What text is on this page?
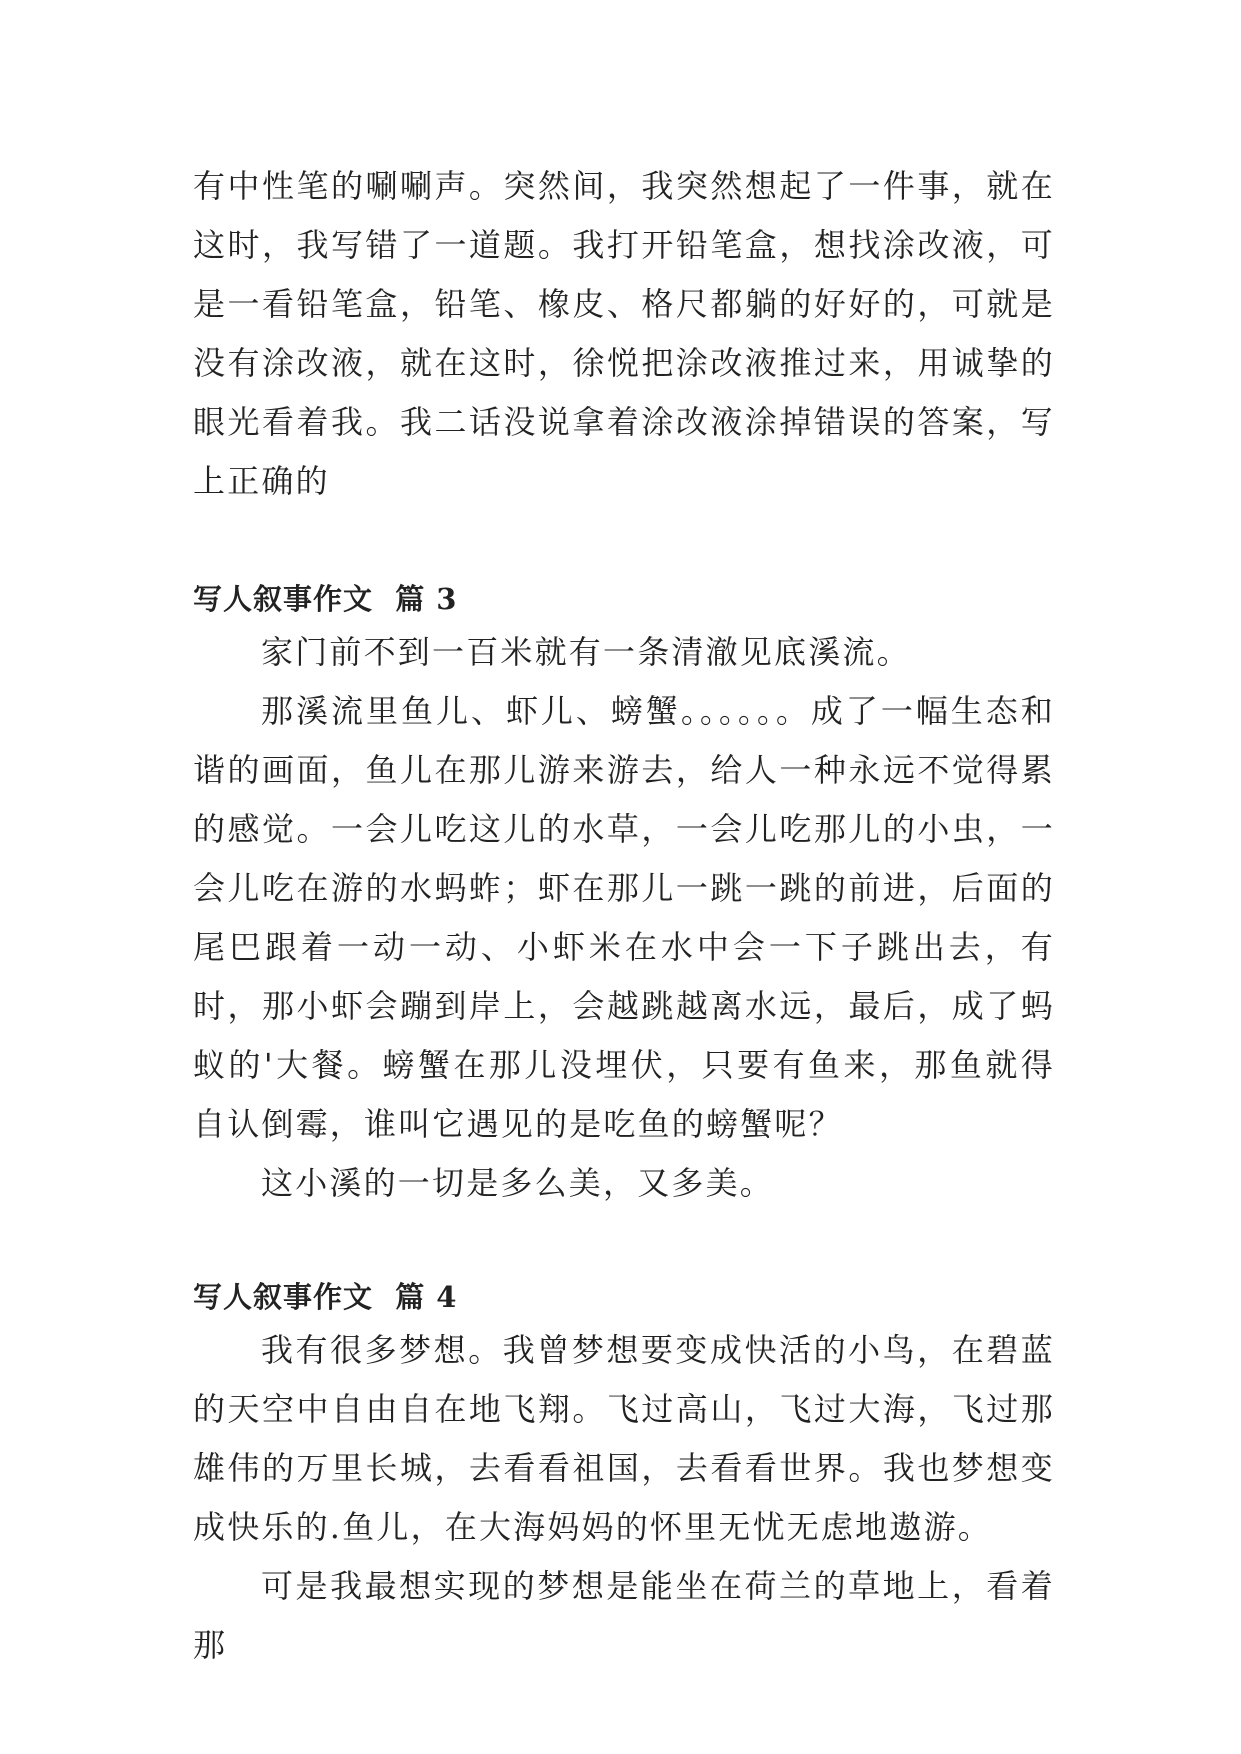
有中性笔的唰唰声。突然间，我突然想起了一件事，就在这时，我写错了一道题。我打开铅笔盒，想找涂改液，可是一看铅笔盒，铅笔、橡皮、格尺都躺的好好的，可就是没有涂改液，就在这时，徐悦把涂改液推过来，用诚挚的眼光看着我。我二话没说拿着涂改液涂掉错误的答案，写上正确的

写人叙事作文  篇 3

家门前不到一百米就有一条清澈见底溪流。

那溪流里鱼儿、虾儿、螃蟹。。。。。。成了一幅生态和谐的画面，鱼儿在那儿游来游去，给人一种永远不觉得累的感觉。一会儿吃这儿的水草，一会儿吃那儿的小虫，一会儿吃在游的水蚂蚱；虾在那儿一跳一跳的前进，后面的尾巴跟着一动一动、小虾米在水中会一下子跳出去，有时，那小虾会蹦到岸上，会越跳越离水远，最后，成了蚂蚁的'大餐。螃蟹在那儿没埋伏，只要有鱼来，那鱼就得自认倒霉，谁叫它遇见的是吃鱼的螃蟹呢？

这小溪的一切是多么美，又多美。

写人叙事作文  篇 4

我有很多梦想。我曾梦想要变成快活的小鸟，在碧蓝的天空中自由自在地飞翔。飞过高山，飞过大海，飞过那雄伟的万里长城，去看看祖国，去看看世界。我也梦想变成快乐的.鱼儿，在大海妈妈的怀里无忧无虑地遨游。

可是我最想实现的梦想是能坐在荷兰的草地上，看着那
